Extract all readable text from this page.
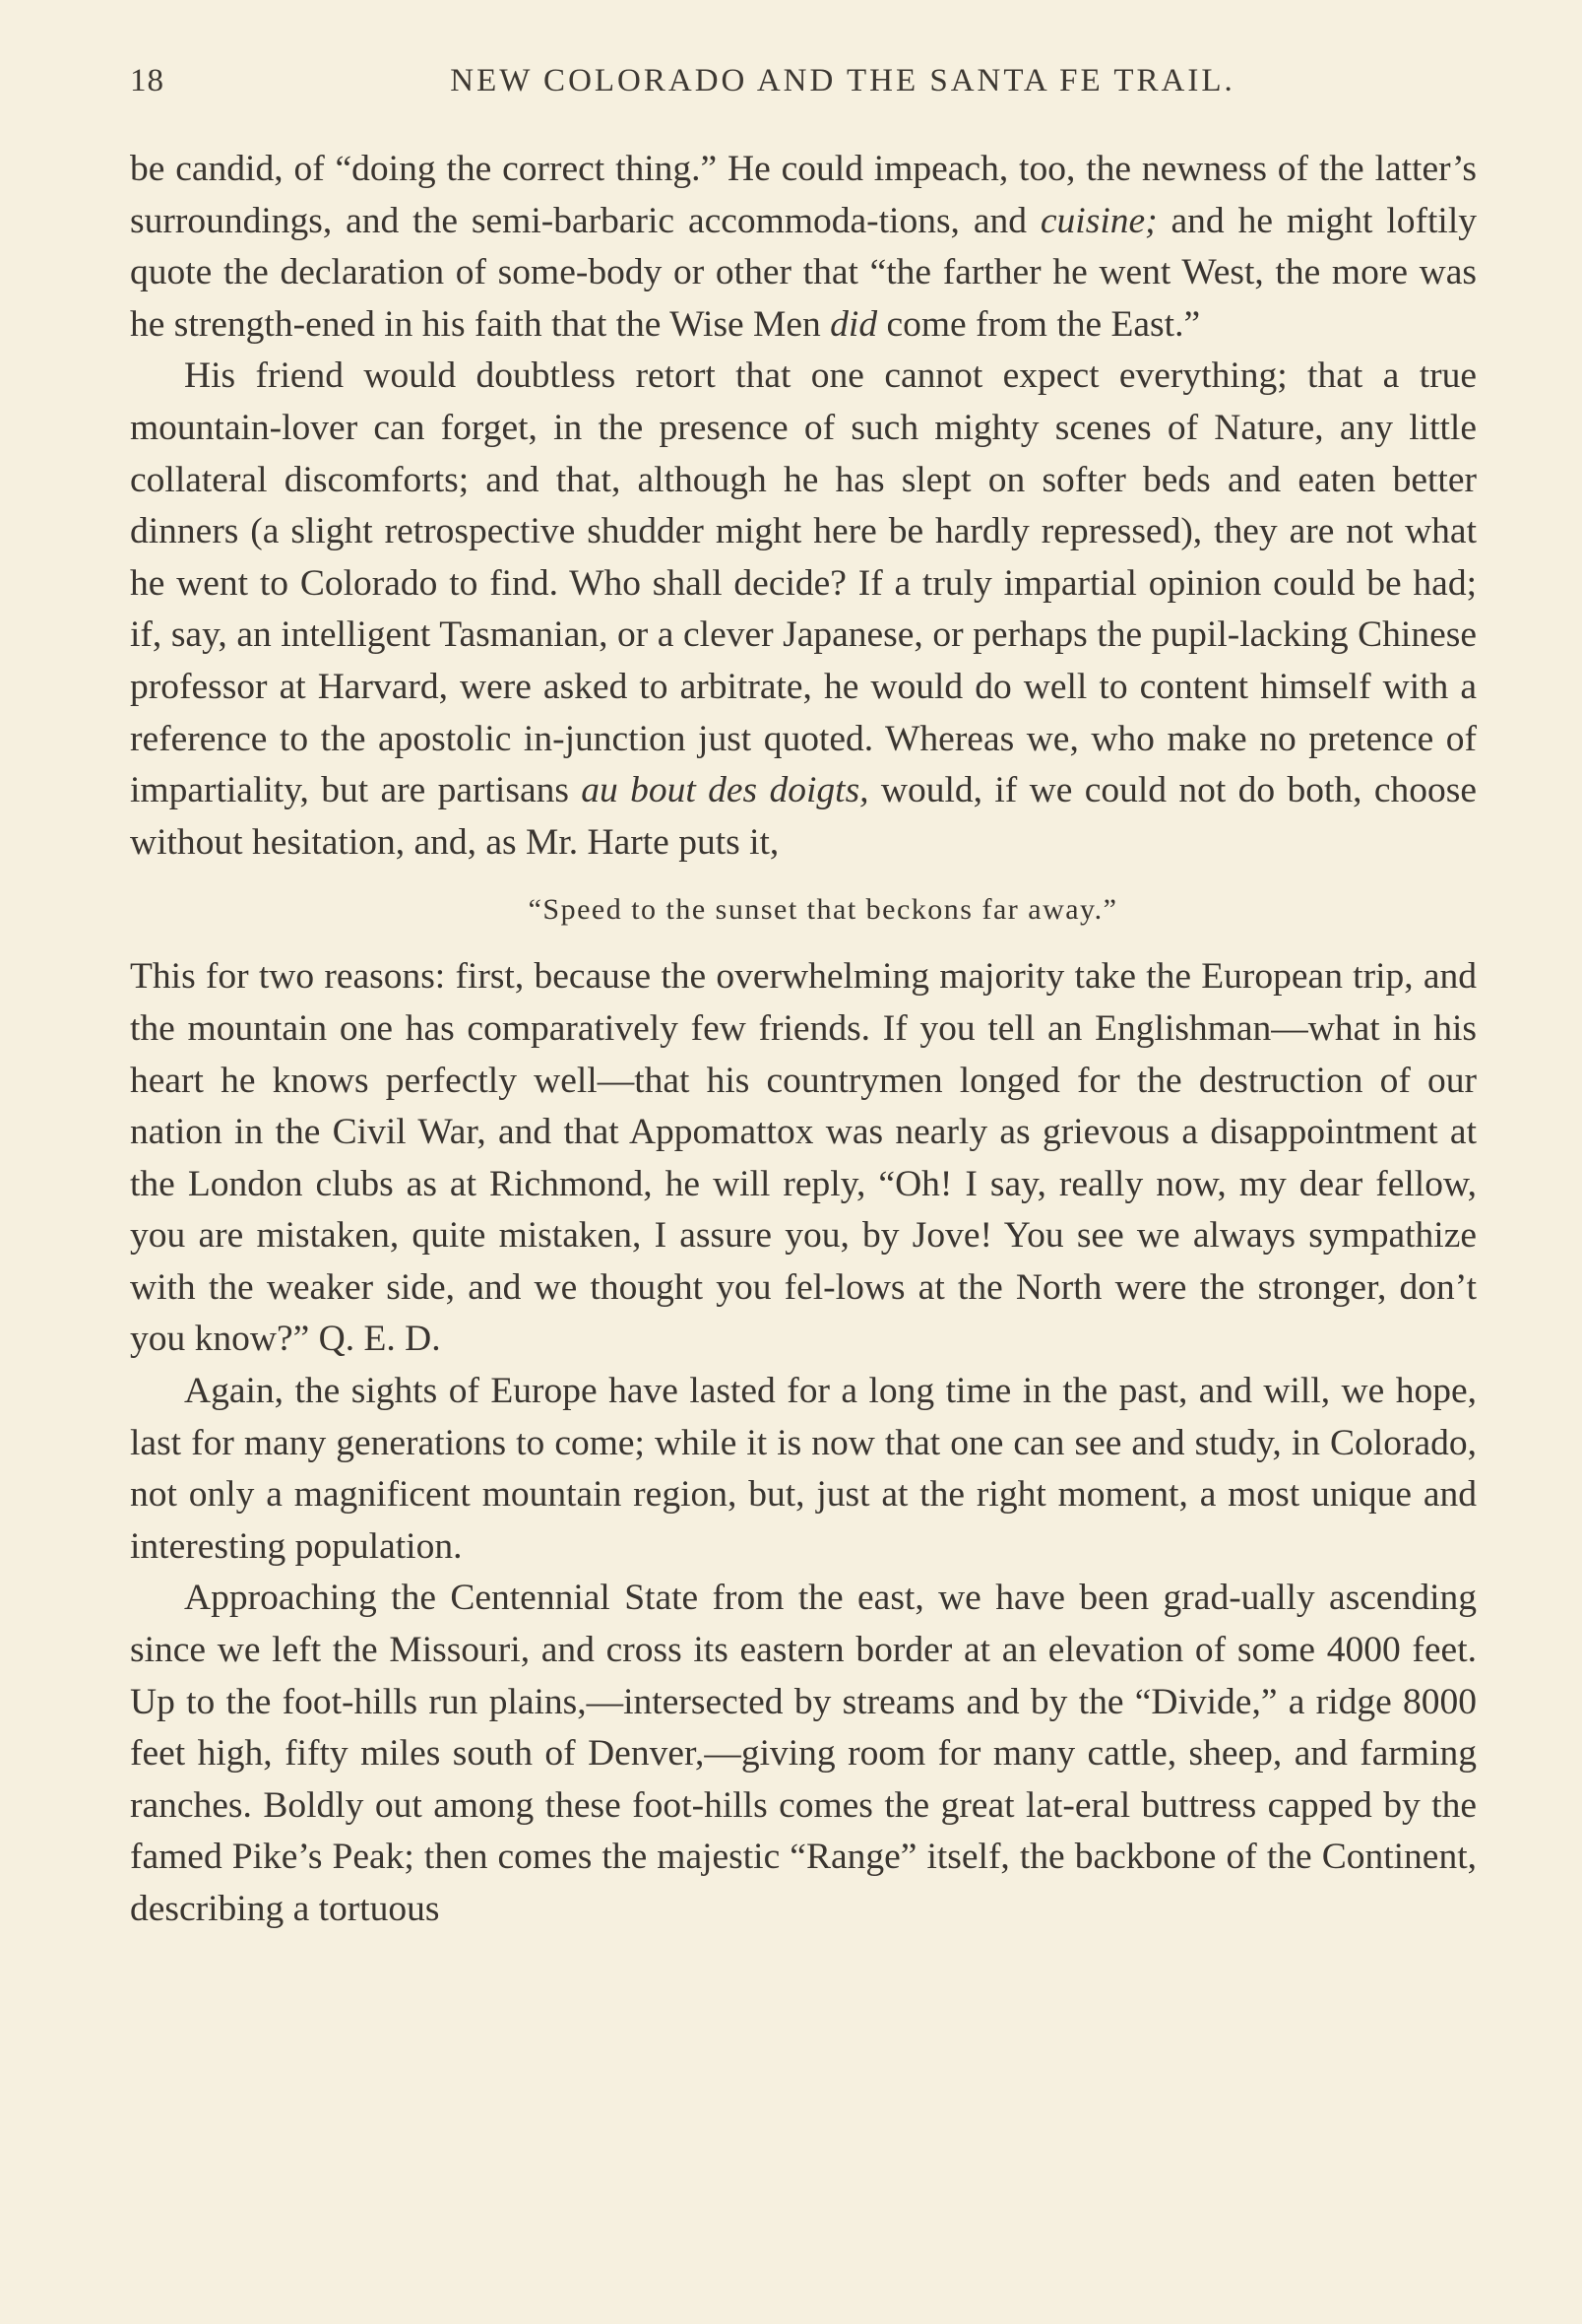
18	NEW COLORADO AND THE SANTA FE TRAIL.

be candid, of “doing the correct thing.” He could impeach, too, the newness of the latter’s surroundings, and the semi-barbaric accommoda-tions, and cuisine; and he might loftily quote the declaration of some-body or other that “the farther he went West, the more was he strength-ened in his faith that the Wise Men did come from the East.”

His friend would doubtless retort that one cannot expect everything; that a true mountain-lover can forget, in the presence of such mighty scenes of Nature, any little collateral discomforts; and that, although he has slept on softer beds and eaten better dinners (a slight retrospective shudder might here be hardly repressed), they are not what he went to Colorado to find. Who shall decide? If a truly impartial opinion could be had; if, say, an intelligent Tasmanian, or a clever Japanese, or perhaps the pupil-lacking Chinese professor at Harvard, were asked to arbitrate, he would do well to content himself with a reference to the apostolic in-junction just quoted. Whereas we, who make no pretence of impartiality, but are partisans au bout des doigts, would, if we could not do both, choose without hesitation, and, as Mr. Harte puts it,

“Speed to the sunset that beckons far away.”

This for two reasons: first, because the overwhelming majority take the European trip, and the mountain one has comparatively few friends. If you tell an Englishman—what in his heart he knows perfectly well—that his countrymen longed for the destruction of our nation in the Civil War, and that Appomattox was nearly as grievous a disappointment at the London clubs as at Richmond, he will reply, “Oh! I say, really now, my dear fellow, you are mistaken, quite mistaken, I assure you, by Jove! You see we always sympathize with the weaker side, and we thought you fel-lows at the North were the stronger, don’t you know?” Q. E. D.

Again, the sights of Europe have lasted for a long time in the past, and will, we hope, last for many generations to come; while it is now that one can see and study, in Colorado, not only a magnificent mountain region, but, just at the right moment, a most unique and interesting population.

Approaching the Centennial State from the east, we have been grad-ually ascending since we left the Missouri, and cross its eastern border at an elevation of some 4000 feet. Up to the foot-hills run plains,—intersected by streams and by the “Divide,” a ridge 8000 feet high, fifty miles south of Denver,—giving room for many cattle, sheep, and farming ranches. Boldly out among these foot-hills comes the great lat-eral buttress capped by the famed Pike’s Peak; then comes the majestic “Range” itself, the backbone of the Continent, describing a tortuous
